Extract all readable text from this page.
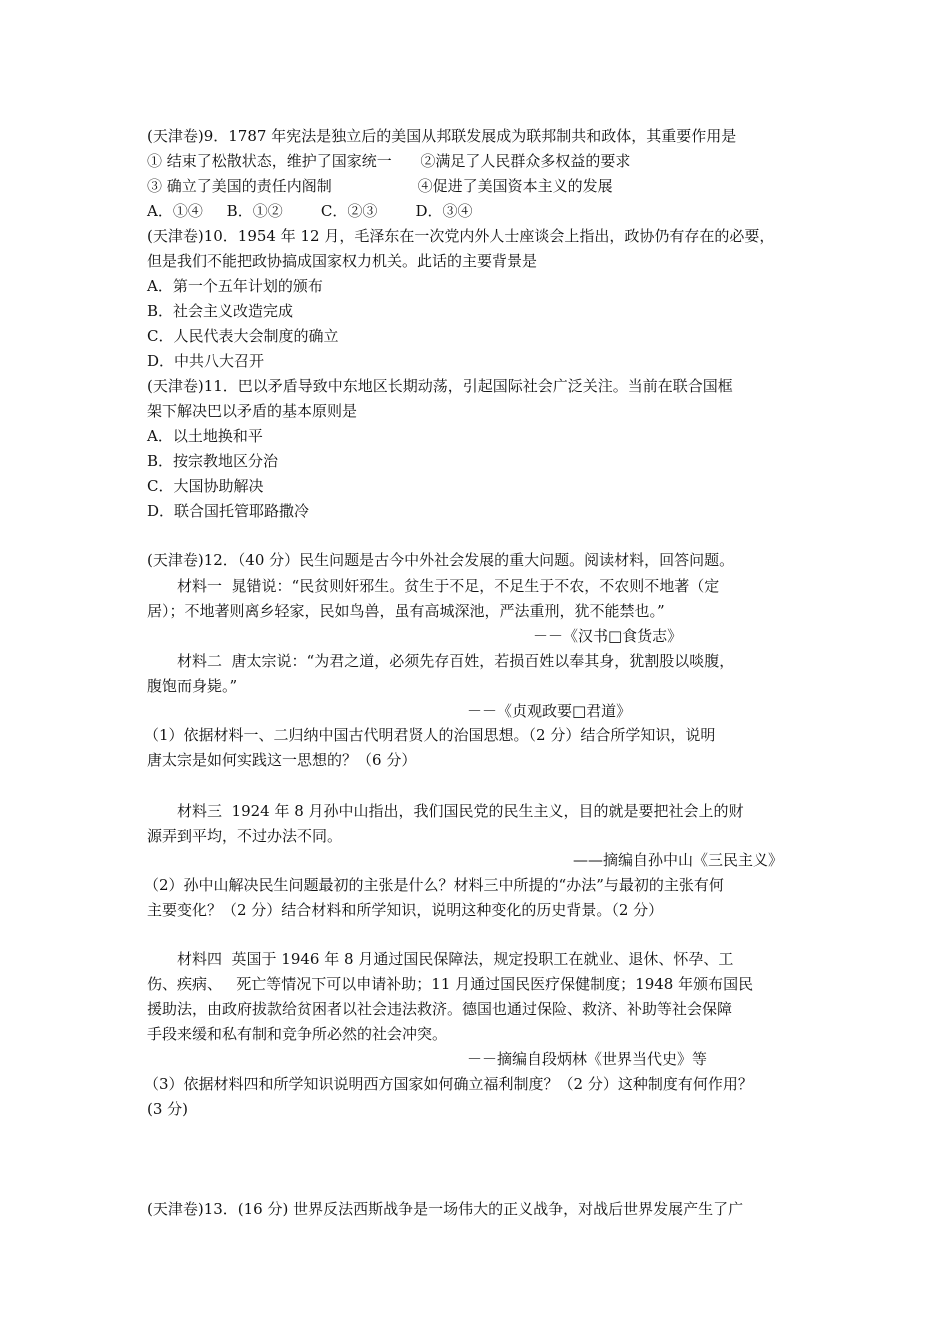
(天津卷)9．1787 年宪法是独立后的美国从邦联发展成为联邦制共和政体，其重要作用是
① 结束了松散状态，维护了国家统一      ②满足了人民群众多权益的要求
③ 确立了美国的责任内阁制                  ④促进了美国资本主义的发展
A．①④     B．①②        C．②③        D．③④
(天津卷)10．1954 年 12 月，毛泽东在一次党内外人士座谈会上指出，政协仍有存在的必要，
但是我们不能把政协搞成国家权力机关。此话的主要背景是
A．第一个五年计划的颁布
B．社会主义改造完成
C．人民代表大会制度的确立
D．中共八大召开
(天津卷)11．巴以矛盾导致中东地区长期动荡，引起国际社会广泛关注。当前在联合国框
架下解决巴以矛盾的基本原则是
A．以土地换和平
B．按宗教地区分治
C．大国协助解决
D．联合国托管耶路撒冷
(天津卷)12．（40 分）民生问题是古今中外社会发展的重大问题。阅读材料，回答问题。
材料一  晁错说：“民贫则奸邪生。贫生于不足，不足生于不农，不农则不地著（定
居）；不地著则离乡轻家，民如鸟兽，虽有高城深池，严法重刑，犹不能禁也。”
－－《汉书□食货志》
材料二  唐太宗说：“为君之道，必须先存百姓，若损百姓以奉其身，犹割股以啖腹，
腹饱而身毙。”
－－《贞观政要□君道》
（1）依据材料一、二归纳中国古代明君贤人的治国思想。（2 分）结合所学知识，说明
唐太宗是如何实践这一思想的？（6 分）
材料三  1924 年 8 月孙中山指出，我们国民党的民生主义，目的就是要把社会上的财
源弄到平均，不过办法不同。
——摘编自孙中山《三民主义》
（2）孙中山解决民生问题最初的主张是什么？材料三中所提的“办法”与最初的主张有何
主要变化？（2 分）结合材料和所学知识，说明这种变化的历史背景。（2 分）
材料四  英国于 1946 年 8 月通过国民保障法，规定投职工在就业、退休、怀孕、工
伤、疾病、   死亡等情况下可以申请补助；11 月通过国民医疗保健制度；1948 年颁布国民
援助法，由政府拔款给贫困者以社会违法救济。德国也通过保险、救济、补助等社会保障
手段来缓和私有制和竞争所必然的社会冲突。
－－摘编自段炳林《世界当代史》等
（3）依据材料四和所学知识说明西方国家如何确立福利制度？（2 分）这种制度有何作用？
(3 分)
(天津卷)13．(16 分) 世界反法西斯战争是一场伟大的正义战争，对战后世界发展产生了广
